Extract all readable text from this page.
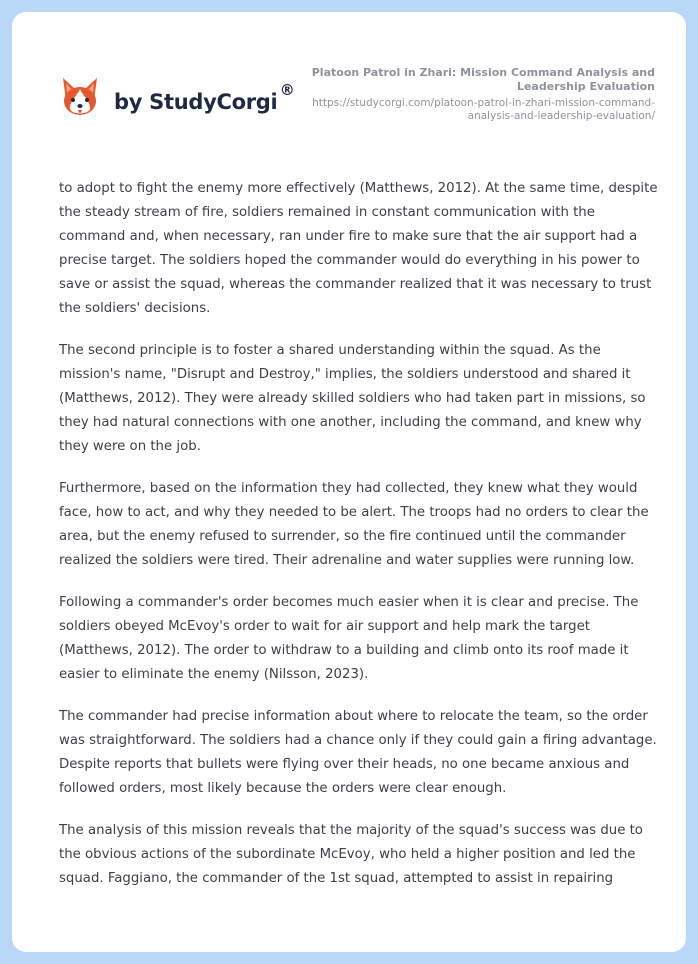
by StudyCorgi ®
Platoon Patrol in Zhari: Mission Command Analysis and Leadership Evaluation
https://studycorgi.com/platoon-patrol-in-zhari-mission-command-analysis-and-leadership-evaluation/

to adopt to fight the enemy more effectively (Matthews, 2012). At the same time, despite the steady stream of fire, soldiers remained in constant communication with the command and, when necessary, ran under fire to make sure that the air support had a precise target. The soldiers hoped the commander would do everything in his power to save or assist the squad, whereas the commander realized that it was necessary to trust the soldiers' decisions.

The second principle is to foster a shared understanding within the squad. As the mission's name, "Disrupt and Destroy," implies, the soldiers understood and shared it (Matthews, 2012). They were already skilled soldiers who had taken part in missions, so they had natural connections with one another, including the command, and knew why they were on the job.

Furthermore, based on the information they had collected, they knew what they would face, how to act, and why they needed to be alert. The troops had no orders to clear the area, but the enemy refused to surrender, so the fire continued until the commander realized the soldiers were tired. Their adrenaline and water supplies were running low.

Following a commander's order becomes much easier when it is clear and precise. The soldiers obeyed McEvoy's order to wait for air support and help mark the target (Matthews, 2012). The order to withdraw to a building and climb onto its roof made it easier to eliminate the enemy (Nilsson, 2023).

The commander had precise information about where to relocate the team, so the order was straightforward. The soldiers had a chance only if they could gain a firing advantage. Despite reports that bullets were flying over their heads, no one became anxious and followed orders, most likely because the orders were clear enough.

The analysis of this mission reveals that the majority of the squad's success was due to the obvious actions of the subordinate McEvoy, who held a higher position and led the squad. Faggiano, the commander of the 1st squad, attempted to assist in repairing
